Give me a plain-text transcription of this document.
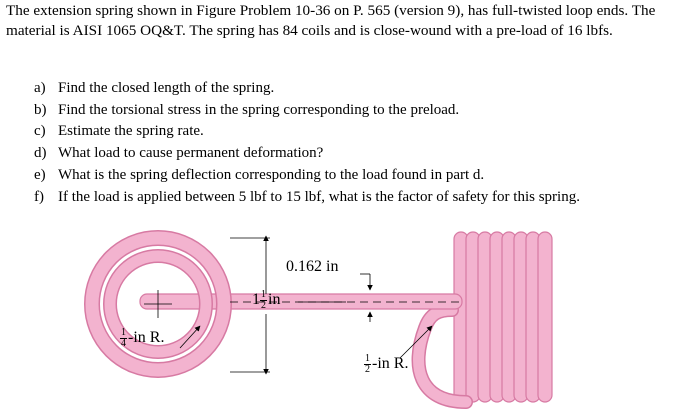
The extension spring shown in Figure Problem 10-36 on P. 565 (version 9), has full-twisted loop ends. The material is AISI 1065 OQ&T. The spring has 84 coils and is close-wound with a pre-load of 16 lbfs.

a) Find the closed length of the spring.
b) Find the torsional stress in the spring corresponding to the preload.
c) Estimate the spring rate.
d) What load to cause permanent deformation?
e) What is the spring deflection corresponding to the load found in part d.
f) If the load is applied between 5 lbf to 15 lbf, what is the factor of safety for this spring.
0.162 in
$1 \frac{1}{2}$ in
$\frac{1}{4} -in$ R.
$\frac{1}{2} -in$ R.
